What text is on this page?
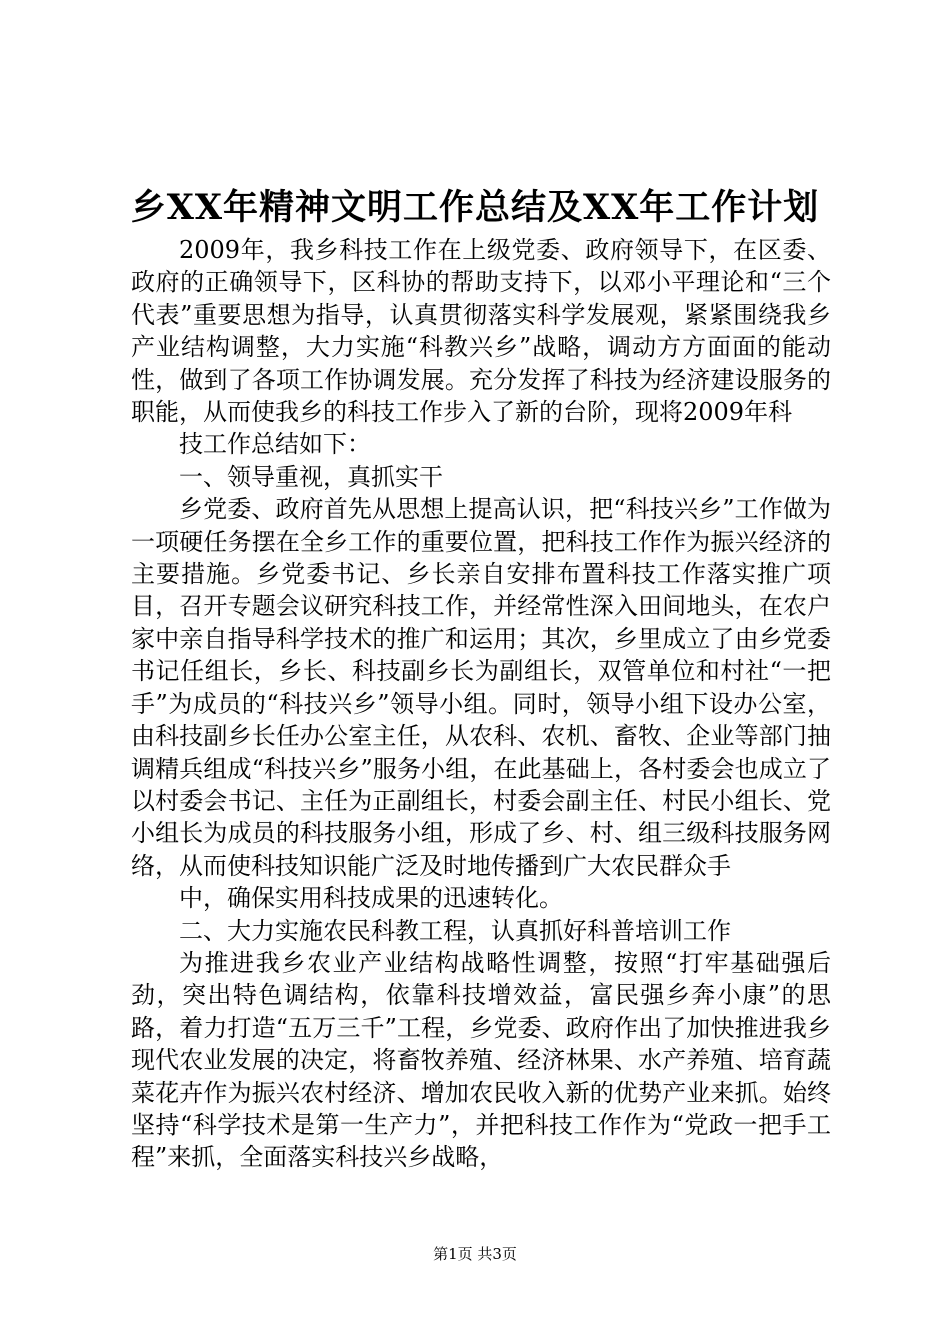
乡XX年精神文明工作总结及XX年工作计划

2009年，我乡科技工作在上级党委、政府领导下，在区委、政府的正确领导下，区科协的帮助支持下，以邓小平理论和“三个代表”重要思想为指导，认真贯彻落实科学发展观，紧紧围绕我乡产业结构调整，大力实施“科教兴乡”战略，调动方方面面的能动性，做到了各项工作协调发展。充分发挥了科技为经济建设服务的职能，从而使我乡的科技工作步入了新的台阶，现将2009年科

技工作总结如下：

一、领导重视，真抓实干

乡党委、政府首先从思想上提高认识，把“科技兴乡”工作做为一项硬任务摆在全乡工作的重要位置，把科技工作作为振兴经济的主要措施。乡党委书记、乡长亲自安排布置科技工作落实推广项目，召开专题会议研究科技工作，并经常性深入田间地头，在农户家中亲自指导科学技术的推广和运用；其次，乡里成立了由乡党委书记任组长，乡长、科技副乡长为副组长，双管单位和村社“一把手”为成员的“科技兴乡”领导小组。同时，领导小组下设办公室，由科技副乡长任办公室主任，从农科、农机、畜牧、企业等部门抽调精兵组成“科技兴乡”服务小组，在此基础上，各村委会也成立了以村委会书记、主任为正副组长，村委会副主任、村民小组长、党小组长为成员的科技服务小组，形成了乡、村、组三级科技服务网络，从而使科技知识能广泛及时地传播到广大农民群众手

中，确保实用科技成果的迅速转化。

二、大力实施农民科教工程，认真抓好科普培训工作

为推进我乡农业产业结构战略性调整，按照“打牢基础强后劲，突出特色调结构，依靠科技增效益，富民强乡奔小康”的思路，着力打造“五万三千”工程，乡党委、政府作出了加快推进我乡现代农业发展的决定，将畜牧养殖、经济林果、水产养殖、培育蔬菜花卉作为振兴农村经济、增加农民收入新的优势产业来抓。始终坚持“科学技术是第一生产力”，并把科技工作作为“党政一把手工程”来抓，全面落实科技兴乡战略，

第1页 共3页
